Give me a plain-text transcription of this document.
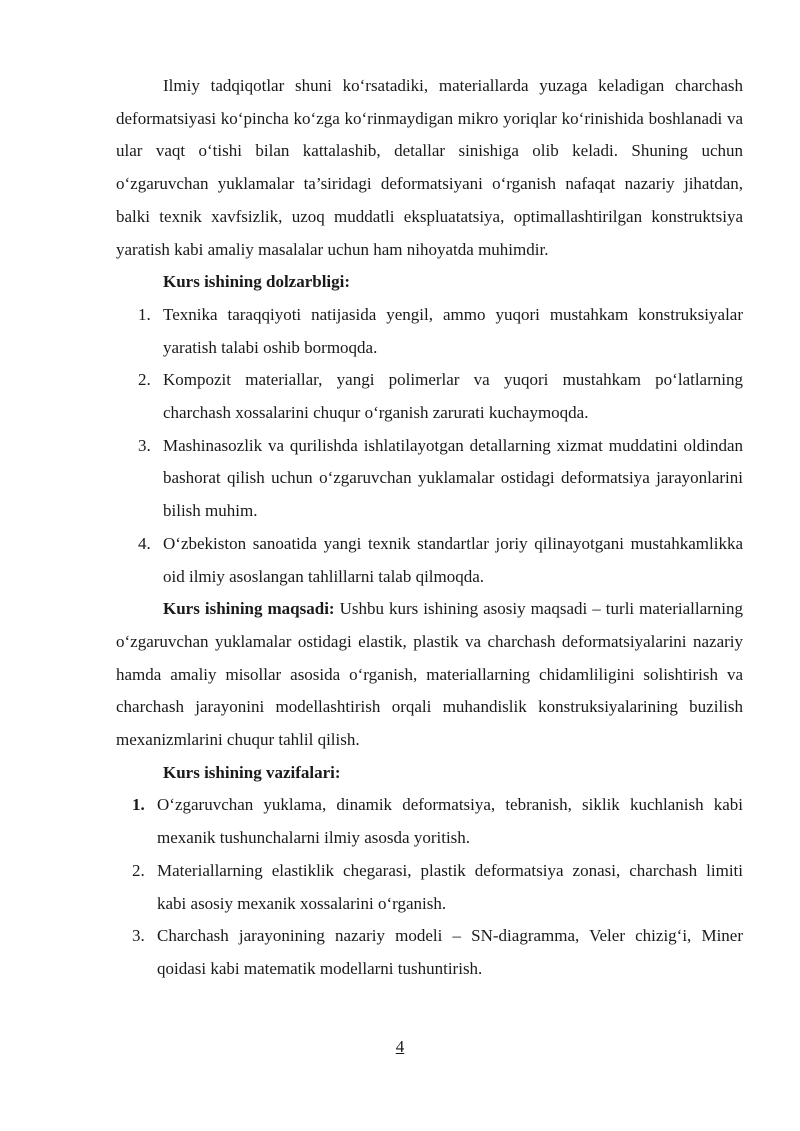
Ilmiy tadqiqotlar shuni ko‘rsatadiki, materiallarda yuzaga keladigan charchash deformatsiyasi ko‘pincha ko‘zga ko‘rinmaydigan mikro yoriqlar ko‘rinishida boshlanadi va ular vaqt o‘tishi bilan kattalashib, detallar sinishiga olib keladi. Shuning uchun o‘zgaruvchan yuklamalar ta’siridagi deformatsiyani o‘rganish nafaqat nazariy jihatdan, balki texnik xavfsizlik, uzoq muddatli ekspluatatsiya, optimallashtirilgan konstruktsiya yaratish kabi amaliy masalalar uchun ham nihoyatda muhimdir.

Kurs ishining dolzarbligi:

1. Texnika taraqqiyoti natijasida yengil, ammo yuqori mustahkam konstruksiyalar yaratish talabi oshib bormoqda.
2. Kompozit materiallar, yangi polimerlar va yuqori mustahkam po‘latlarning charchash xossalarini chuqur o‘rganish zarurati kuchaymoqda.
3. Mashinasozlik va qurilishda ishlatilayotgan detallarning xizmat muddatini oldindan bashorat qilish uchun o‘zgaruvchan yuklamalar ostidagi deformatsiya jarayonlarini bilish muhim.
4. O‘zbekiston sanoatida yangi texnik standartlar joriy qilinayotgani mustahkamlikka oid ilmiy asoslangan tahlillarni talab qilmoqda.

Kurs ishining maqsadi: Ushbu kurs ishining asosiy maqsadi – turli materiallarning o‘zgaruvchan yuklamalar ostidagi elastik, plastik va charchash deformatsiyalarini nazariy hamda amaliy misollar asosida o‘rganish, materiallarning chidamliligini solishtirish va charchash jarayonini modellashtirish orqali muhandislik konstruksiyalarining buzilish mexanizmlarini chuqur tahlil qilish.

Kurs ishining vazifalari:

1. O‘zgaruvchan yuklama, dinamik deformatsiya, tebranish, siklik kuchlanish kabi mexanik tushunchalarni ilmiy asosda yoritish.
2. Materiallarning elastiklik chegarasi, plastik deformatsiya zonasi, charchash limiti kabi asosiy mexanik xossalarini o‘rganish.
3. Charchash jarayonining nazariy modeli – SN-diagramma, Veler chizig‘i, Miner qoidasi kabi matematik modellarni tushuntirish.
4
